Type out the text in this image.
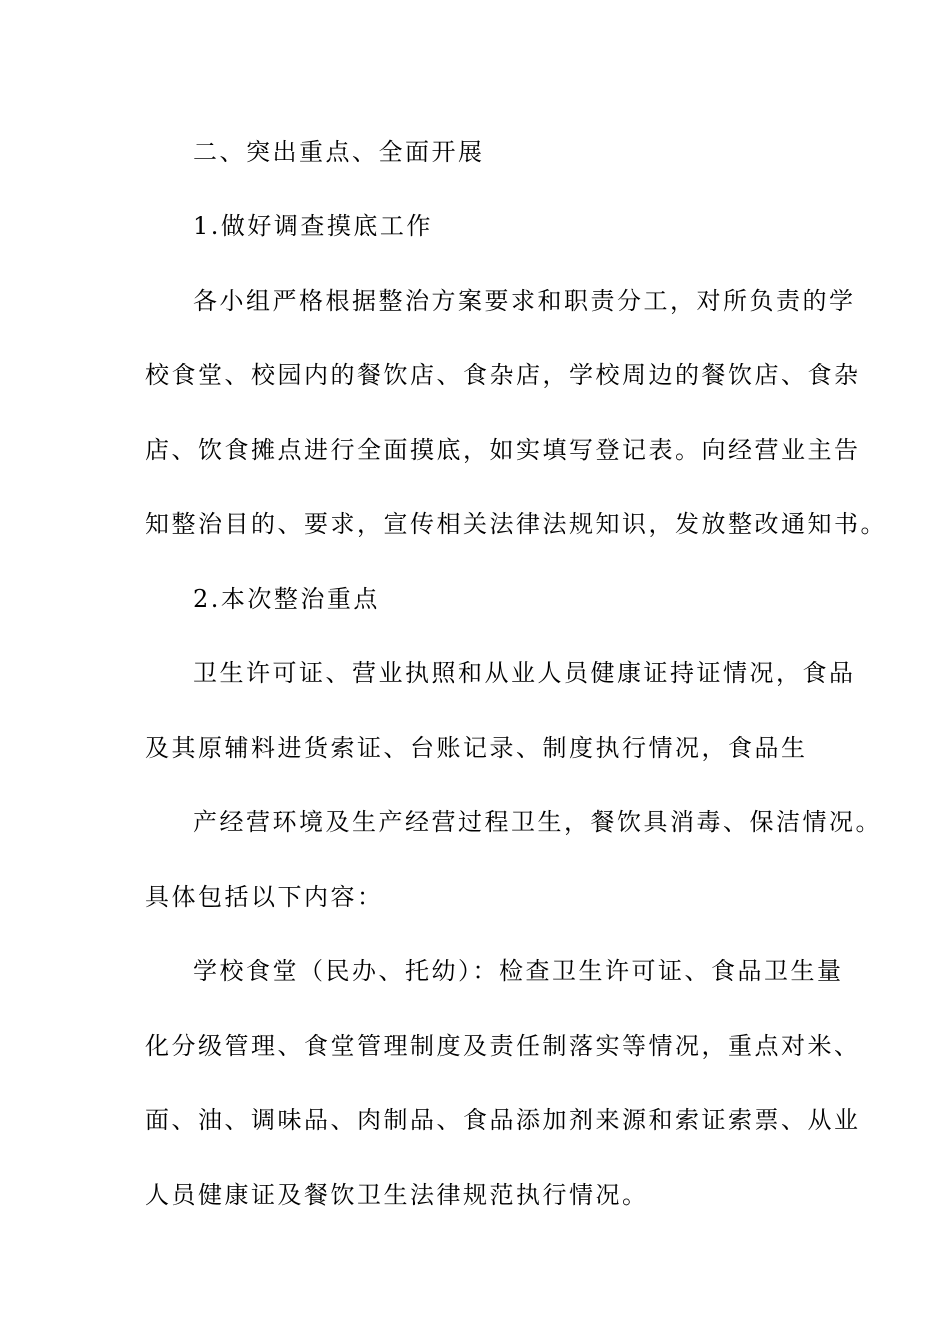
二、突出重点、全面开展
1.做好调查摸底工作
各小组严格根据整治方案要求和职责分工，对所负责的学
校食堂、校园内的餐饮店、食杂店，学校周边的餐饮店、食杂
店、饮食摊点进行全面摸底，如实填写登记表。向经营业主告
知整治目的、要求，宣传相关法律法规知识，发放整改通知书。
2.本次整治重点
卫生许可证、营业执照和从业人员健康证持证情况，食品
及其原辅料进货索证、台账记录、制度执行情况，食品生
产经营环境及生产经营过程卫生，餐饮具消毒、保洁情况。
具体包括以下内容：
学校食堂（民办、托幼）：检查卫生许可证、食品卫生量
化分级管理、食堂管理制度及责任制落实等情况，重点对米、
面、油、调味品、肉制品、食品添加剂来源和索证索票、从业
人员健康证及餐饮卫生法律规范执行情况。
